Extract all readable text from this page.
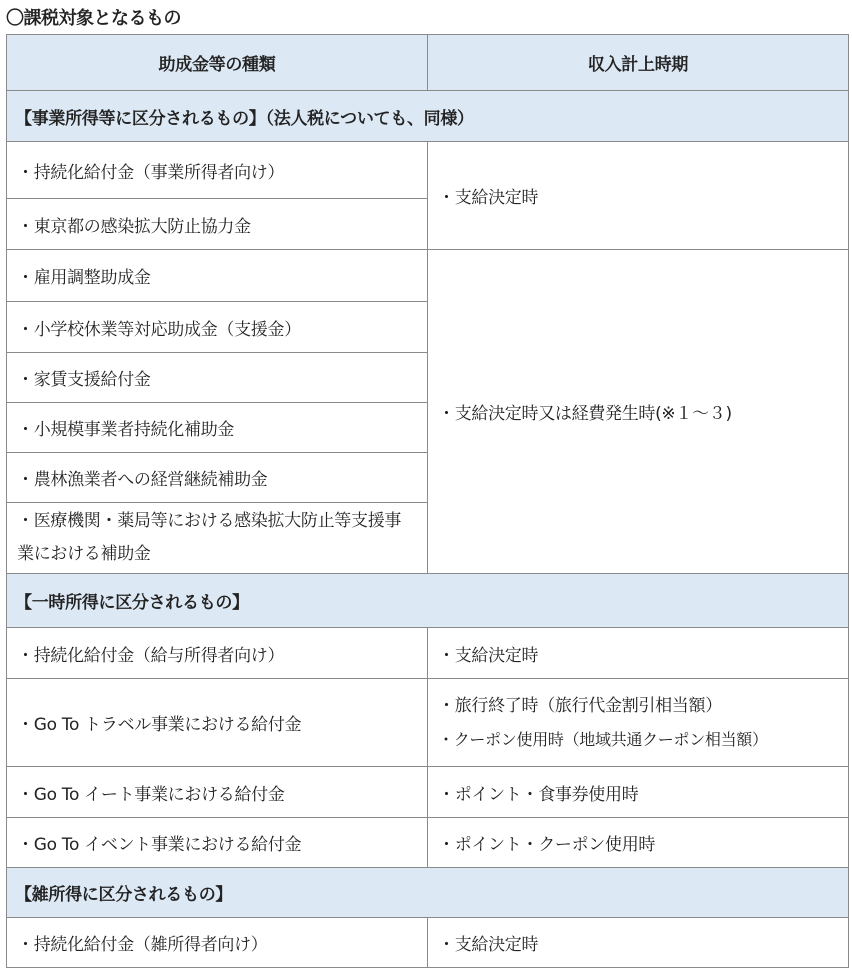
〇課税対象となるもの
助成金等の種類	収入計上時期
【事業所得等に区分されるもの】（法人税についても、同様）	
・持続化給付金（事業所得者向け）	・支給決定時
・東京都の感染拡大防止協力金	
・雇用調整助成金	・支給決定時又は経費発生時(※１～３)
・小学校休業等対応助成金（支援金）	
・家賃支援給付金	
・小規模事業者持続化補助金	
・農林漁業者への経営継続補助金	
・医療機関・薬局等における感染拡大防止等支援事業における補助金	
【一時所得に区分されるもの】	
・持続化給付金（給与所得者向け）	・支給決定時
・Go To トラベル事業における給付金	・旅行終了時（旅行代金割引相当額）
・クーポン使用時（地域共通クーポン相当額）

・Go To イート事業における給付金	・ポイント・食事券使用時
・Go To イベント事業における給付金	・ポイント・クーポン使用時
【雑所得に区分されるもの】	
・持続化給付金（雑所得者向け）	・支給決定時
